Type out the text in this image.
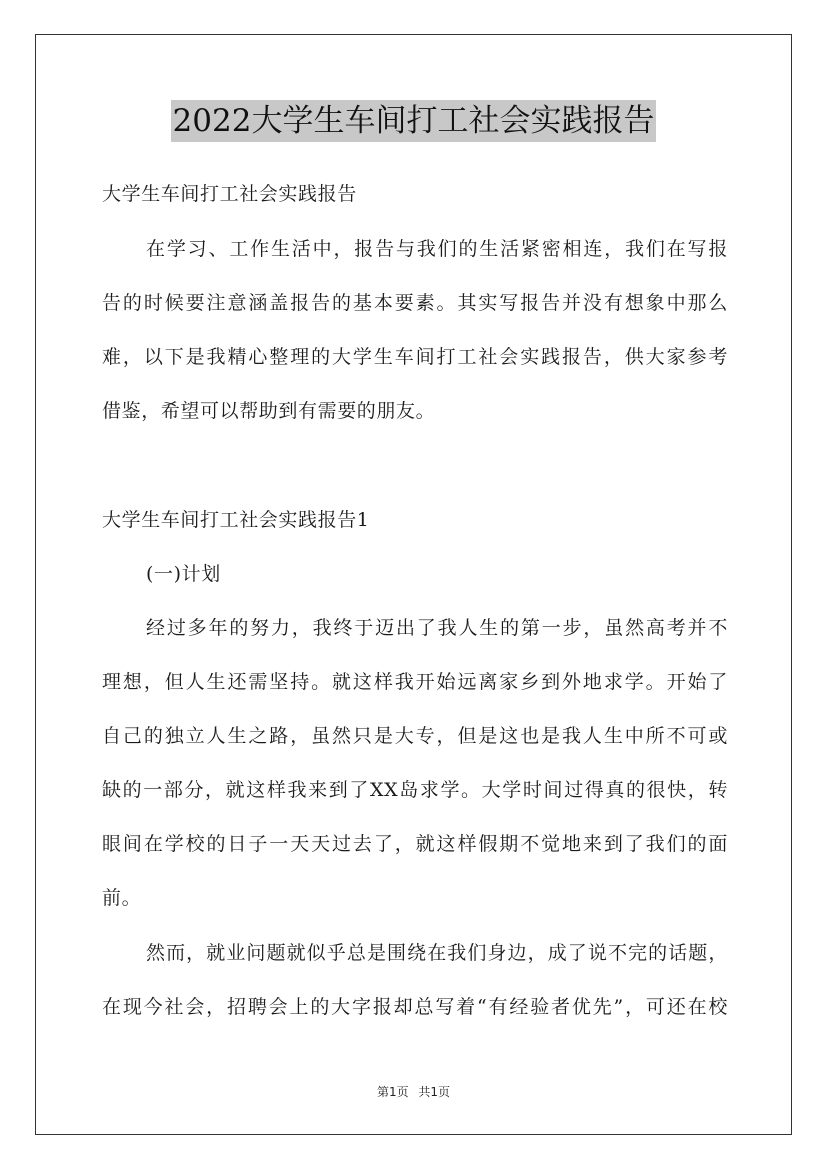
2022大学生车间打工社会实践报告
大学生车间打工社会实践报告
在学习、工作生活中，报告与我们的生活紧密相连，我们在写报
告的时候要注意涵盖报告的基本要素。其实写报告并没有想象中那么
难，以下是我精心整理的大学生车间打工社会实践报告，供大家参考
借鉴，希望可以帮助到有需要的朋友。
大学生车间打工社会实践报告1
(一)计划
经过多年的努力，我终于迈出了我人生的第一步，虽然高考并不
理想，但人生还需坚持。就这样我开始远离家乡到外地求学。开始了
自己的独立人生之路，虽然只是大专，但是这也是我人生中所不可或
缺的一部分，就这样我来到了XX岛求学。大学时间过得真的很快，转
眼间在学校的日子一天天过去了，就这样假期不觉地来到了我们的面
前。
然而，就业问题就似乎总是围绕在我们身边，成了说不完的话题，
在现今社会，招聘会上的大字报却总写着“有经验者优先”，可还在校
第1页 共1页
